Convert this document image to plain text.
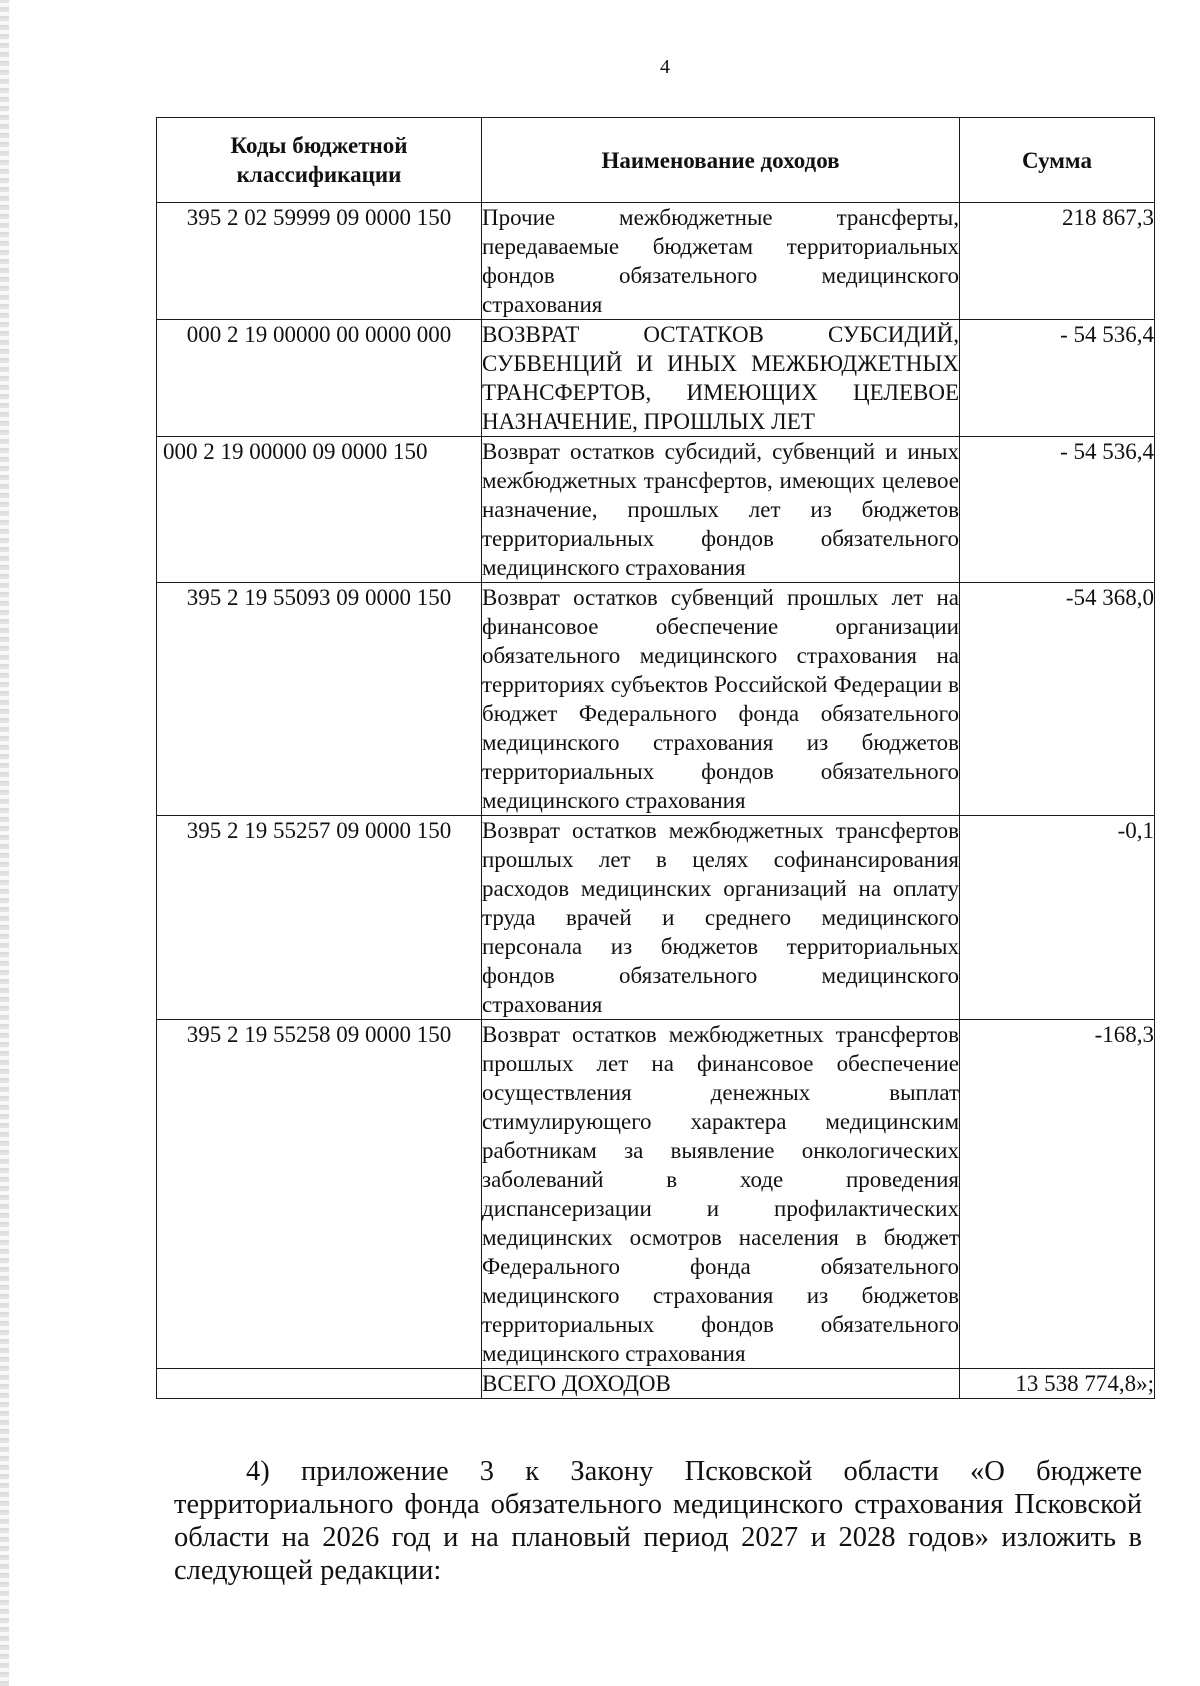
4
Коды бюджетной классификации	Наименование доходов	Сумма
395 2 02 59999 09 0000 150	Прочие межбюджетные трансферты, передаваемые бюджетам территориальных фондов обязательного медицинского страхования	218 867,3
000 2 19 00000 00 0000 000	ВОЗВРАТ ОСТАТКОВ СУБСИДИЙ, СУБВЕНЦИЙ И ИНЫХ МЕЖБЮДЖЕТНЫХ ТРАНСФЕРТОВ, ИМЕЮЩИХ ЦЕЛЕВОЕ НАЗНАЧЕНИЕ, ПРОШЛЫХ ЛЕТ	- 54 536,4
000 2 19 00000 09 0000 150	Возврат остатков субсидий, субвенций и иных межбюджетных трансфертов, имеющих целевое назначение, прошлых лет из бюджетов территориальных фондов обязательного медицинского страхования	- 54 536,4
395 2 19 55093 09 0000 150	Возврат остатков субвенций прошлых лет на финансовое обеспечение организации обязательного медицинского страхования на территориях субъектов Российской Федерации в бюджет Федерального фонда обязательного медицинского страхования из бюджетов территориальных фондов обязательного медицинского страхования	-54 368,0
395 2 19 55257 09 0000 150	Возврат остатков межбюджетных трансфертов прошлых лет в целях софинансирования расходов медицинских организаций на оплату труда врачей и среднего медицинского персонала из бюджетов территориальных фондов обязательного медицинского страхования	-0,1
395 2 19 55258 09 0000 150	Возврат остатков межбюджетных трансфертов прошлых лет на финансовое обеспечение осуществления денежных выплат стимулирующего характера медицинским работникам за выявление онкологических заболеваний в ходе проведения диспансеризации и профилактических медицинских осмотров населения в бюджет Федерального фонда обязательного медицинского страхования из бюджетов территориальных фондов обязательного медицинского страхования	-168,3
	ВСЕГО ДОХОДОВ	13 538 774,8»;
4) приложение 3 к Закону Псковской области «О бюджете территориального фонда обязательного медицинского страхования Псковской области на 2026 год и на плановый период 2027 и 2028 годов» изложить в следующей редакции:
